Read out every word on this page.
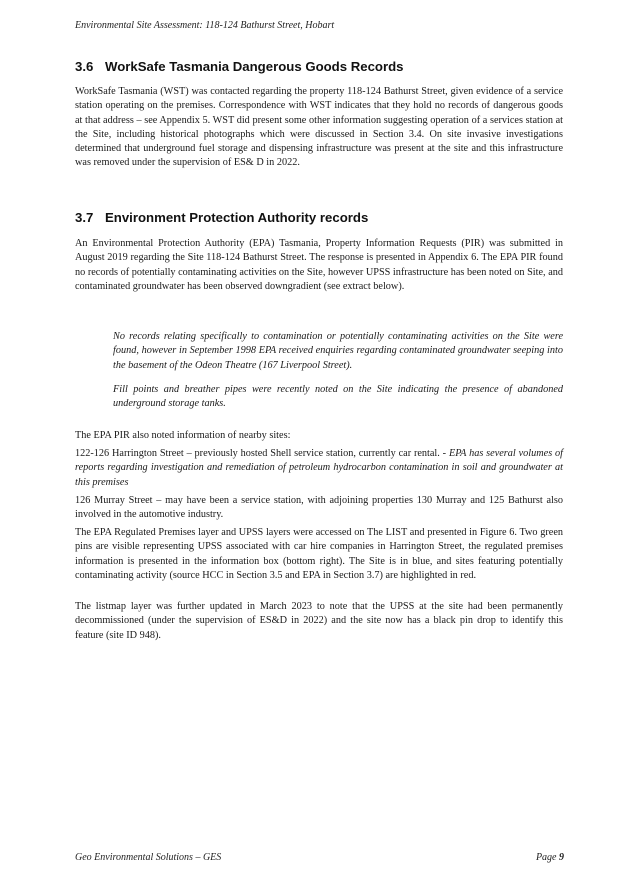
Environmental Site Assessment: 118-124 Bathurst Street, Hobart
3.6 WorkSafe Tasmania Dangerous Goods Records

WorkSafe Tasmania (WST) was contacted regarding the property 118-124 Bathurst Street, given evidence of a service station operating on the premises. Correspondence with WST indicates that they hold no records of dangerous goods at that address – see Appendix 5. WST did present some other information suggesting operation of a services station at the Site, including historical photographs which were discussed in Section 3.4. On site invasive investigations determined that underground fuel storage and dispensing infrastructure was present at the site and this infrastructure was removed under the supervision of ES& D in 2022.

3.7 Environment Protection Authority records

An Environmental Protection Authority (EPA) Tasmania, Property Information Requests (PIR) was submitted in August 2019 regarding the Site 118-124 Bathurst Street. The response is presented in Appendix 6. The EPA PIR found no records of potentially contaminating activities on the Site, however UPSS infrastructure has been noted on Site, and contaminated groundwater has been observed downgradient (see extract below).

No records relating specifically to contamination or potentially contaminating activities on the Site were found, however in September 1998 EPA received enquiries regarding contaminated groundwater seeping into the basement of the Odeon Theatre (167 Liverpool Street).

Fill points and breather pipes were recently noted on the Site indicating the presence of abandoned underground storage tanks.

The EPA PIR also noted information of nearby sites:

122-126 Harrington Street – previously hosted Shell service station, currently car rental. - EPA has several volumes of reports regarding investigation and remediation of petroleum hydrocarbon contamination in soil and groundwater at this premises

126 Murray Street – may have been a service station, with adjoining properties 130 Murray and 125 Bathurst also involved in the automotive industry.

The EPA Regulated Premises layer and UPSS layers were accessed on The LIST and presented in Figure 6. Two green pins are visible representing UPSS associated with car hire companies in Harrington Street, the regulated premises information is presented in the information box (bottom right). The Site is in blue, and sites featuring potentially contaminating activity (source HCC in Section 3.5 and EPA in Section 3.7) are highlighted in red.

The listmap layer was further updated in March 2023 to note that the UPSS at the site had been permanently decommissioned (under the supervision of ES&D in 2022) and the site now has a black pin drop to identify this feature (site ID 948).

Geo Environmental Solutions – GES	Page 9
